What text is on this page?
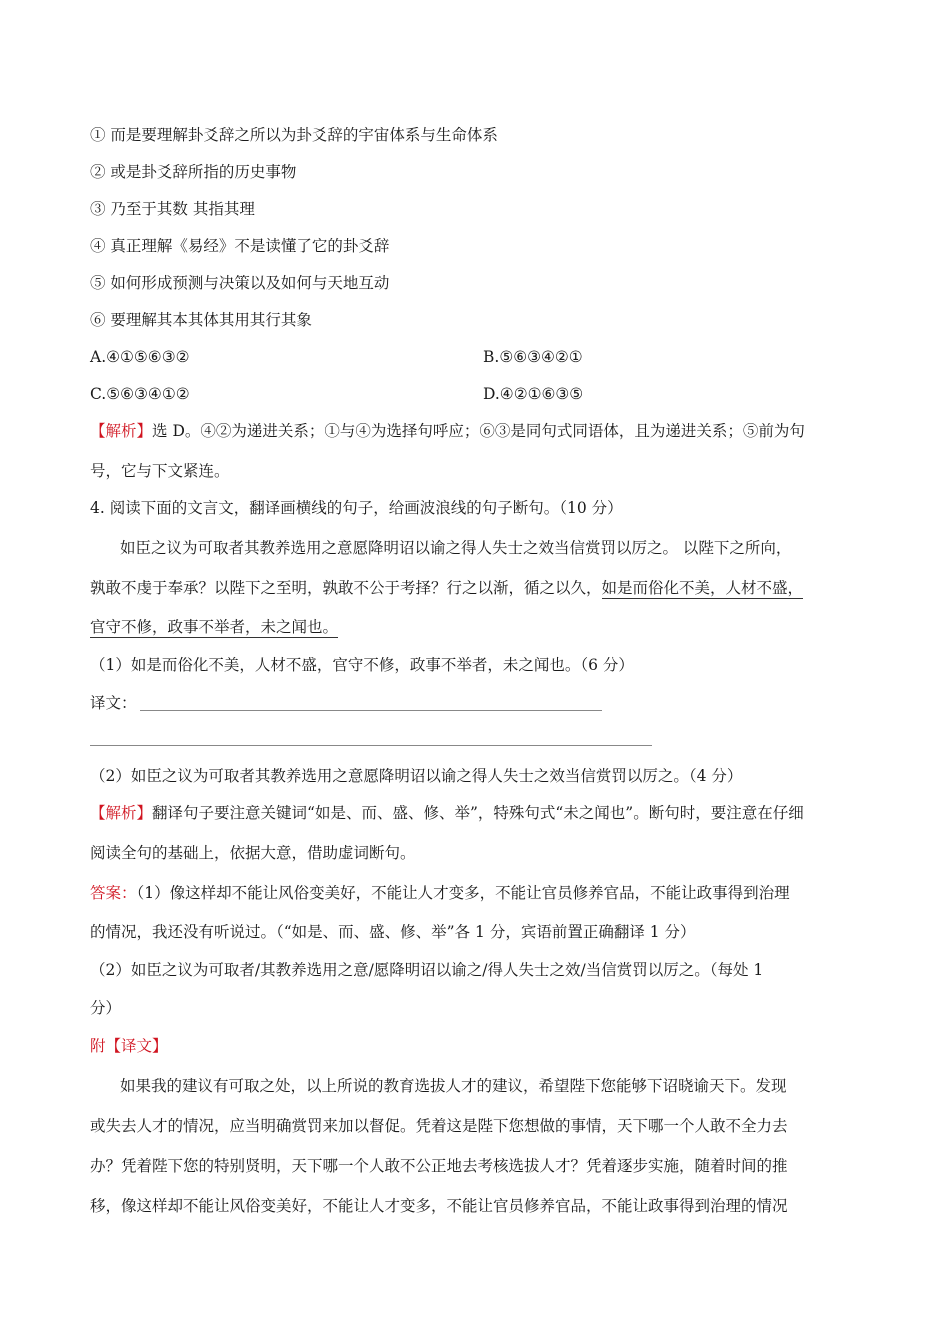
① 而是要理解卦爻辞之所以为卦爻辞的宇宙体系与生命体系
② 或是卦爻辞所指的历史事物
③ 乃至于其数 其指其理
④ 真正理解《易经》不是读懂了它的卦爻辞
⑤ 如何形成预测与决策以及如何与天地互动
⑥ 要理解其本其体其用其行其象
A.④①⑤⑥③②	B.⑤⑥③④②①
C.⑤⑥③④①②	D.④②①⑥③⑤
【解析】选 D。④②为递进关系；①与④为选择句呼应；⑥③是同句式同语体，且为递进关系；⑤前为句
号，它与下文紧连。
4. 阅读下面的文言文，翻译画横线的句子，给画波浪线的句子断句。（10 分）
如臣之议为可取者其教养选用之意愿降明诏以谕之得人失士之效当信赏罚以厉之。 以陛下之所向，
孰敢不虔于奉承？以陛下之至明，孰敢不公于考择？行之以渐，循之以久，如是而俗化不美，人材不盛，
官守不修，政事不举者，未之闻也。
（1）如是而俗化不美，人材不盛，官守不修，政事不举者，未之闻也。（6 分）
译文：
（2）如臣之议为可取者其教养选用之意愿降明诏以谕之得人失士之效当信赏罚以厉之。（4 分）
【解析】翻译句子要注意关键词“如是、而、盛、修、举”，特殊句式“未之闻也”。断句时，要注意在仔细
阅读全句的基础上，依据大意，借助虚词断句。
答案：（1）像这样却不能让风俗变美好，不能让人才变多，不能让官员修养官品，不能让政事得到治理
的情况，我还没有听说过。（“如是、而、盛、修、举”各 1 分，宾语前置正确翻译 1 分）
（2）如臣之议为可取者/其教养选用之意/愿降明诏以谕之/得人失士之效/当信赏罚以厉之。（每处 1
分）
附【译文】
如果我的建议有可取之处，以上所说的教育选拔人才的建议，希望陛下您能够下诏晓谕天下。发现
或失去人才的情况，应当明确赏罚来加以督促。凭着这是陛下您想做的事情，天下哪一个人敢不全力去
办？凭着陛下您的特别贤明，天下哪一个人敢不公正地去考核选拔人才？凭着逐步实施，随着时间的推
移，像这样却不能让风俗变美好，不能让人才变多，不能让官员修养官品，不能让政事得到治理的情况
